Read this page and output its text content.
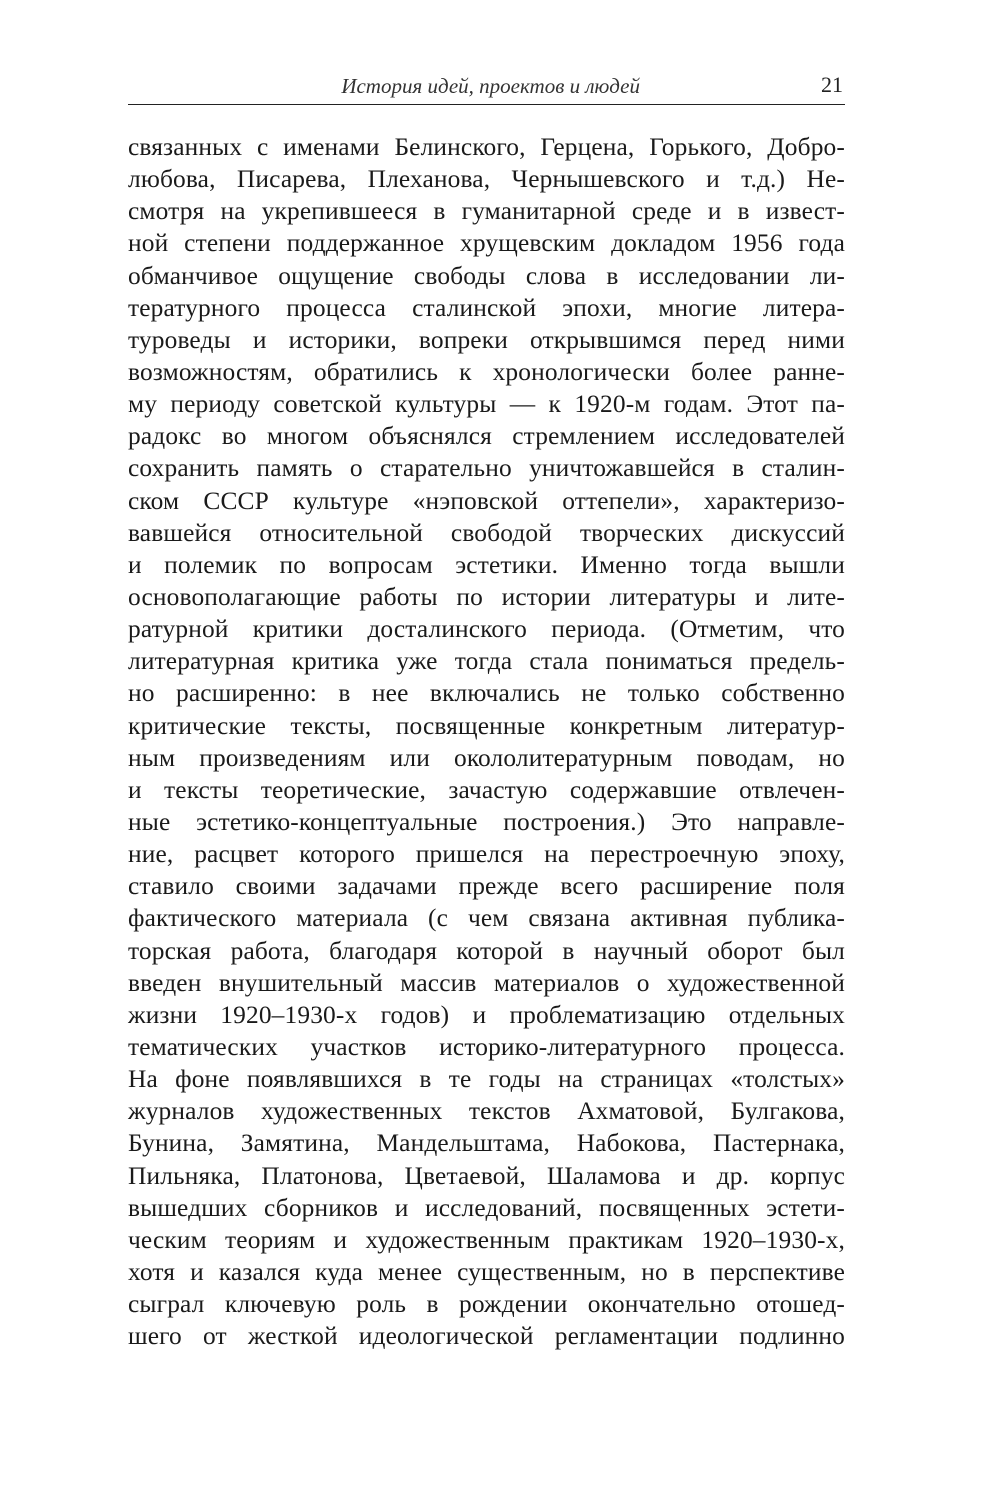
История идей, проектов и людей	21
связанных с именами Белинского, Герцена, Горького, Добро-
любова, Писарева, Плеханова, Чернышевского и т.д.) Не-
смотря на укрепившееся в гуманитарной среде и в извест-
ной степени поддержанное хрущевским докладом 1956 года
обманчивое ощущение свободы слова в исследовании ли-
тературного процесса сталинской эпохи, многие литера-
туроведы и историки, вопреки открывшимся перед ними
возможностям, обратились к хронологически более ранне-
му периоду советской культуры — к 1920-м годам. Этот па-
радокс во многом объяснялся стремлением исследователей
сохранить память о старательно уничтожавшейся в сталин-
ском СССР культуре «нэповской оттепели», характеризо-
вавшейся относительной свободой творческих дискуссий
и полемик по вопросам эстетики. Именно тогда вышли
основополагающие работы по истории литературы и лите-
ратурной критики досталинского периода. (Отметим, что
литературная критика уже тогда стала пониматься предель-
но расширенно: в нее включались не только собственно
критические тексты, посвященные конкретным литератур-
ным произведениям или окололитературным поводам, но
и тексты теоретические, зачастую содержавшие отвлечен-
ные эстетико-концептуальные построения.) Это направле-
ние, расцвет которого пришелся на перестроечную эпоху,
ставило своими задачами прежде всего расширение поля
фактического материала (с чем связана активная публика-
торская работа, благодаря которой в научный оборот был
введен внушительный массив материалов о художественной
жизни 1920–1930-х годов) и проблематизацию отдельных
тематических участков историко-литературного процесса.
На фоне появлявшихся в те годы на страницах «толстых»
журналов художественных текстов Ахматовой, Булгакова,
Бунина, Замятина, Мандельштама, Набокова, Пастернака,
Пильняка, Платонова, Цветаевой, Шаламова и др. корпус
вышедших сборников и исследований, посвященных эстети-
ческим теориям и художественным практикам 1920–1930-х,
хотя и казался куда менее существенным, но в перспективе
сыграл ключевую роль в рождении окончательно отошед-
шего от жесткой идеологической регламентации подлинно
